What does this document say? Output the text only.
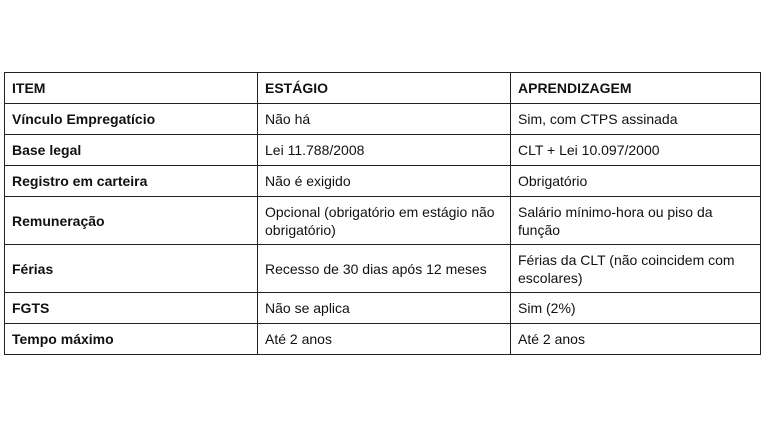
ITEM	ESTÁGIO	APRENDIZAGEM
Vínculo Empregatício	Não há	Sim, com CTPS assinada
Base legal	Lei 11.788/2008	CLT + Lei 10.097/2000
Registro em carteira	Não é exigido	Obrigatório
Remuneração	Opcional (obrigatório em estágio não obrigatório)	Salário mínimo-hora ou piso da função
Férias	Recesso de 30 dias após 12 meses	Férias da CLT (não coincidem com escolares)
FGTS	Não se aplica	Sim (2%)
Tempo máximo	Até 2 anos	Até 2 anos
